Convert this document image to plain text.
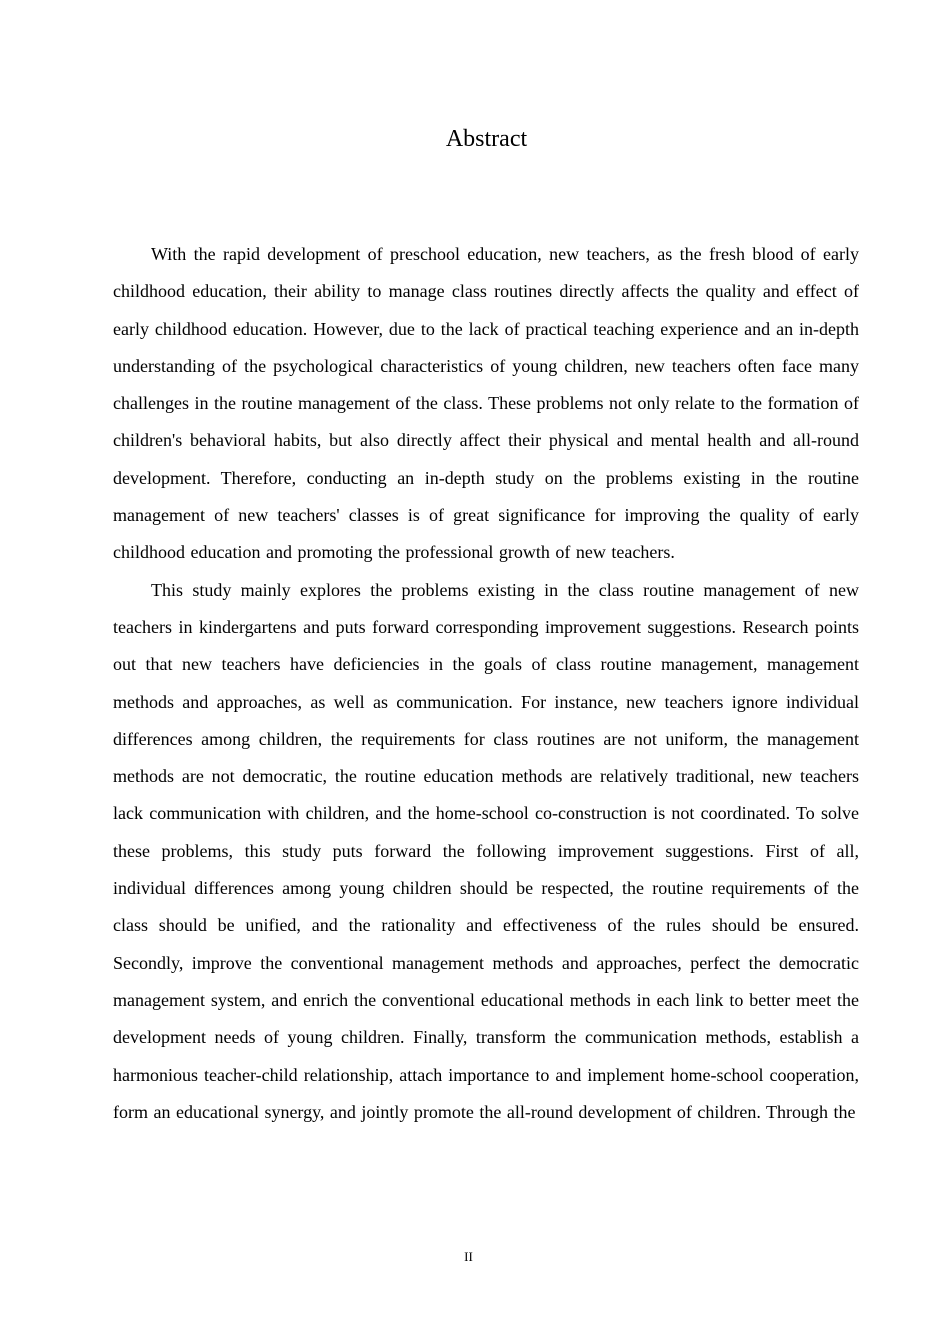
Abstract

With the rapid development of preschool education, new teachers, as the fresh blood of early childhood education, their ability to manage class routines directly affects the quality and effect of early childhood education. However, due to the lack of practical teaching experience and an in-depth understanding of the psychological characteristics of young children, new teachers often face many challenges in the routine management of the class. These problems not only relate to the formation of children's behavioral habits, but also directly affect their physical and mental health and all-round development. Therefore, conducting an in-depth study on the problems existing in the routine management of new teachers' classes is of great significance for improving the quality of early childhood education and promoting the professional growth of new teachers.

This study mainly explores the problems existing in the class routine management of new teachers in kindergartens and puts forward corresponding improvement suggestions. Research points out that new teachers have deficiencies in the goals of class routine management, management methods and approaches, as well as communication. For instance, new teachers ignore individual differences among children, the requirements for class routines are not uniform, the management methods are not democratic, the routine education methods are relatively traditional, new teachers lack communication with children, and the home-school co-construction is not coordinated. To solve these problems, this study puts forward the following improvement suggestions. First of all, individual differences among young children should be respected, the routine requirements of the class should be unified, and the rationality and effectiveness of the rules should be ensured. Secondly, improve the conventional management methods and approaches, perfect the democratic management system, and enrich the conventional educational methods in each link to better meet the development needs of young children. Finally, transform the communication methods, establish a harmonious teacher-child relationship, attach importance to and implement home-school cooperation, form an educational synergy, and jointly promote the all-round development of children. Through the

II
